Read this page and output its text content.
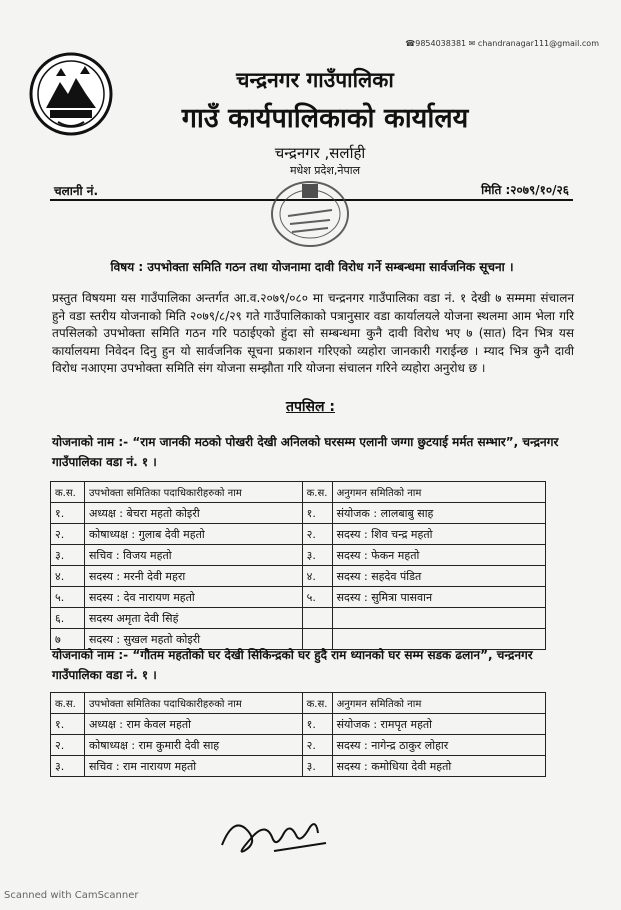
☎9854038381 ✉ chandranagar111@gmail.com
चन्द्रनगर गाउँपालिका
गाउँ कार्यपालिकाको कार्यालय
चन्द्रनगर ,सर्लाही
मधेश प्रदेश,नेपाल
चलानी नं.	मिति :२०७९/१०/२६
विषय : उपभोक्ता समिति गठन तथा योजनामा दावी विरोध गर्ने सम्बन्धमा सार्वजनिक सूचना ।
प्रस्तुत विषयमा यस गाउँपालिका अन्तर्गत आ.व.२०७९/०८० मा चन्द्रनगर गाउँपालिका वडा नं. १ देखी ७ सम्ममा संचालन हुने वडा स्तरीय योजनाको मिति २०७९/८/२९ गते गाउँपालिकाको पत्रानुसार वडा कार्यालयले योजना स्थलमा आम भेला गरि तपसिलको उपभोक्ता समिति गठन गरि पठाईएको हुंदा सो सम्बन्धमा कुनै दावी विरोध भए ७ (सात) दिन भित्र यस कार्यालयमा निवेदन दिनु हुन यो सार्वजनिक सूचना प्रकाशन गरिएको व्यहोरा जानकारी गराईन्छ । म्याद भित्र कुनै दावी विरोध नआएमा उपभोक्ता समिति संग योजना सम्झौता गरि योजना संचालन गरिने व्यहोरा अनुरोध छ ।
तपसिल :
योजनाको नाम :- “राम जानकी मठको पोखरी देखी अनिलको घरसम्म एलानी जग्गा छुटयाई मर्मत सम्भार”, चन्द्रनगर गाउँपालिका वडा नं. १ ।
क.स.	उपभोक्ता समितिका पदाधिकारीहरुको नाम	क.स.	अनुगमन समितिको नाम
१.	अध्यक्ष : बेचरा महतो कोइरी	१.	संयोजक : लालबाबु साह
२.	कोषाध्यक्ष : गुलाब देवी महतो	२.	सदस्य : शिव चन्द्र महतो
३.	सचिव : विजय महतो	३.	सदस्य : फेकन महतो
४.	सदस्य : मरनी देवी महरा	४.	सदस्य : सहदेव पंडित
५.	सदस्य : देव नारायण महतो	५.	सदस्य : सुमित्रा पासवान
६.	सदस्य अमृता देवी सिहं		
७	सदस्य : सुखल महतो कोइरी		
योजनाको नाम :- “गौतम महतोको घर देखी सिकिन्द्रको घर हुदै राम ध्यानको घर सम्म सडक ढलान”, चन्द्रनगर गाउँपालिका वडा नं. १ ।
क.स.	उपभोक्ता समितिका पदाधिकारीहरुको नाम	क.स.	अनुगमन समितिको नाम
१.	अध्यक्ष : राम केवल महतो	१.	संयोजक : रामपृत महतो
२.	कोषाध्यक्ष : राम कुमारी देवी साह	२.	सदस्य : नागेन्द्र ठाकुर लोहार
३.	सचिव : राम नारायण महतो	३.	सदस्य : कमोधिया देवी महतो
Scanned with CamScanner
